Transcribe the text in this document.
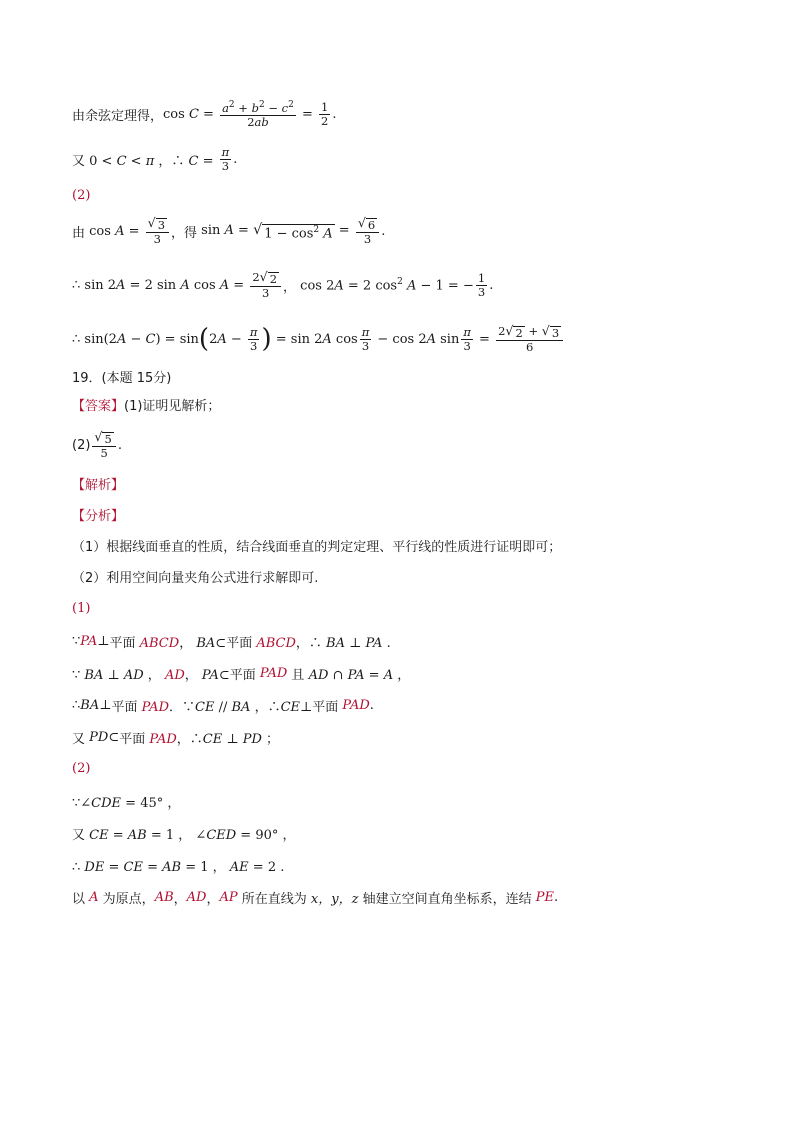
由余弦定理得， $\cos C = \frac{a^2 + b^2 - c^2}{2ab} = \frac{1}{2}$ .
又 0 < C < π ，∴ $C = \frac{\pi}{3}$ .
(2)
由 $\cos A = \frac{√ 3}{3}$ ，得 sin A = √ $1 - \cos^2 A = \frac{√ 6}{3}$ .
∴ sin 2A = 2 sin A $\cos A = \frac{2 √ 2}{3}$ ， cos 2A = 2 $\cos^2 A - 1$ = − $\frac{1}{3}$ .
∴ sin(2A − C) = sin ( $2A - \frac{\pi}{3}$ ) = sin 2A $\cos \frac{\pi}{3} - \cos 2A$ $\sin \frac{\pi}{3} = \frac{2 √ 2 + √ 3}{6}$
19．(本题 15分)
【答案】 (1)证明见解析；
$(2) \frac{√ 5}{5}$ .
【解析】
【分析】
（1）根据线面垂直的性质，结合线面垂直的判定定理、平行线的性质进行证明即可；
（2）利用空间向量夹角公式进行求解即可.
(1)
∵PA⊥ 平面 ABCD， BA⊂ 平面 ABCD，∴ BA ⊥ PA .
∵ BA ⊥ AD ， AD， PA⊂ 平面 PAD 且 AD ∩ PA = A ，
∴BA⊥ 平面 PAD．∵CE // BA ，∴CE⊥ 平面 PAD.
又 PD⊂ 平面 PAD，∴CE ⊥ PD ；
(2)
∵∠CDE = 45° ，
又 CE = AB = 1 ， ∠CED = 90° ，
∴ DE = CE = AB = 1 ， AE = 2 .
以 A 为原点， AB ， AD ， AP
所在直线为 x，y，z 轴建立空间直角坐标系，连结 PE .
